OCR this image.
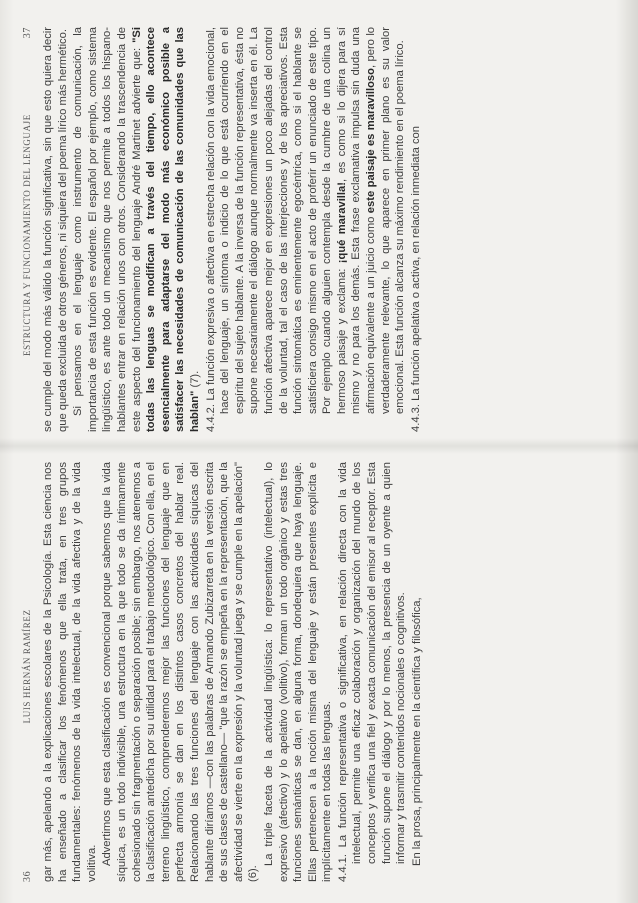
36
LUIS HERNÁN RAMÍREZ gar más, apelando a la explicaciones escolares de la Psicología. Esta ciencia nos ha enseñado a clasificar los fenómenos que ella trata, en tres grupos fundamentales: fenómenos de la vida intelectual, de la vida afectiva y de la vida volitiva. Advertimos que esta clasificación es convencional porque sabemos que la vida síquica, es un todo indivisible, una estructura en la que todo se da íntimamente cohesionado sin fragmentación o separación posible; sin embargo, nos atenemos a la clasificación antedicha por su utilidad para el trabajo metodológico. Con ella, en el terreno lingüístico, comprenderemos mejor las funciones del lenguaje que en perfecta armonía se dan en los distintos casos concretos del hablar real. Relacionando las tres funciones del lenguaje con las actividades síquicas del hablante diríamos —con las palabras de Armando Zubizarreta en la versión escrita de sus clases de castellano— "que la razón se empeña en la representación, que la afectividad se vierte en la expresión y la voluntad juega y se cumple en la apelación" (6).

La triple faceta de la actividad lingüística: lo representativo (intelectual), lo expresivo (afectivo) y lo apelativo (volitivo), forman un todo orgánico y estas tres funciones semánticas se dan, en alguna forma, dondequiera que haya lenguaje. Ellas pertenecen a la noción misma del lenguaje y están presentes explícita e implícitamente en todas las lenguas. 4.4.1. La función representativa o significativa, en relación directa con la vida intelectual, permite una eficaz colaboración y organización del mundo de los conceptos y verifica una fiel y exacta comunicación del emisor al receptor. Esta función supone el diálogo y por lo menos, la presencia de un oyente a quien informar y trasmitir contenidos nocionales o cognitivos. En la prosa, principalmente en la científica y filosófica,

ESTRUCTURA Y FUNCIONAMIENTO DEL LENGUAJE
37 se cumple del modo más válido la función significativa, sin que esto quiera decir que queda excluida de otros géneros, ni siquiera del poema lírico más hermético. Si pensamos en el lenguaje como instrumento de comunicación, la importancia de esta función es evidente. El español por ejemplo, como sistema lingüístico, es ante todo un mecanismo que nos permite a todos los hispano-hablantes entrar en relación unos con otros. Considerando la trascendencia de este aspecto del funcionamiento del lenguaje André Martinet advierte que: "Si todas las lenguas se modifican a través del tiempo, ello acontece esencialmente para adaptarse del modo más económico posible a satisfacer las necesidades de comunicación de las comunidades que las hablan" (7). 4.4.2. La función expresiva o afectiva en estrecha relación con la vida emocional, hace del lenguaje, un síntoma o indicio de lo que está ocurriendo en el espíritu del sujeto hablante. A la inversa de la función representativa, ésta no supone necesariamente el diálogo aunque normalmente va inserta en él. La función afectiva aparece mejor en expresiones un poco alejadas del control de la voluntad, tal el caso de las interjecciones y de los apreciativos. Esta función sintomática es eminentemente egocéntrica, como si el hablante se satisficiera consigo mismo en el acto de proferir un enunciado de este tipo. Por ejemplo cuando alguien contempla desde la cumbre de una colina un hermoso paisaje y exclama: ¡qué maravilla!, es como si lo dijera para sí mismo y no para los demás. Esta frase exclamativa impulsa sin duda una afirmación equivalente a un juicio como este paisaje es maravilloso, pero lo verdaderamente relevante, lo que aparece en primer plano es su valor emocional. Esta función alcanza su máximo rendimiento en el poema lírico. 4.4.3. La función apelativa o activa, en relación inmediata con
